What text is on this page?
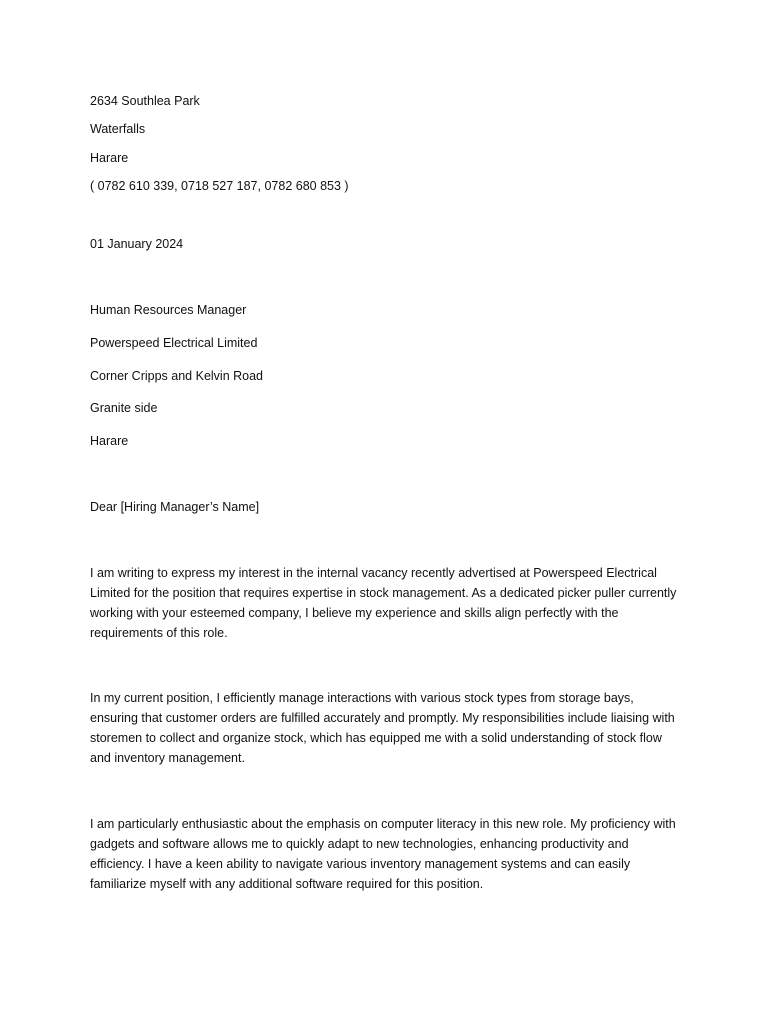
2634 Southlea Park
Waterfalls
Harare
( 0782 610 339, 0718 527 187, 0782 680 853 )
01 January 2024
Human Resources Manager
Powerspeed Electrical Limited
Corner Cripps and Kelvin Road
Granite side
Harare
Dear [Hiring Manager’s Name]

I am writing to express my interest in the internal vacancy recently advertised at Powerspeed Electrical Limited for the position that requires expertise in stock management. As a dedicated picker puller currently working with your esteemed company, I believe my experience and skills align perfectly with the requirements of this role.

In my current position, I efficiently manage interactions with various stock types from storage bays, ensuring that customer orders are fulfilled accurately and promptly. My responsibilities include liaising with storemen to collect and organize stock, which has equipped me with a solid understanding of stock flow and inventory management.

I am particularly enthusiastic about the emphasis on computer literacy in this new role. My proficiency with gadgets and software allows me to quickly adapt to new technologies, enhancing productivity and efficiency. I have a keen ability to navigate various inventory management systems and can easily familiarize myself with any additional software required for this position.
